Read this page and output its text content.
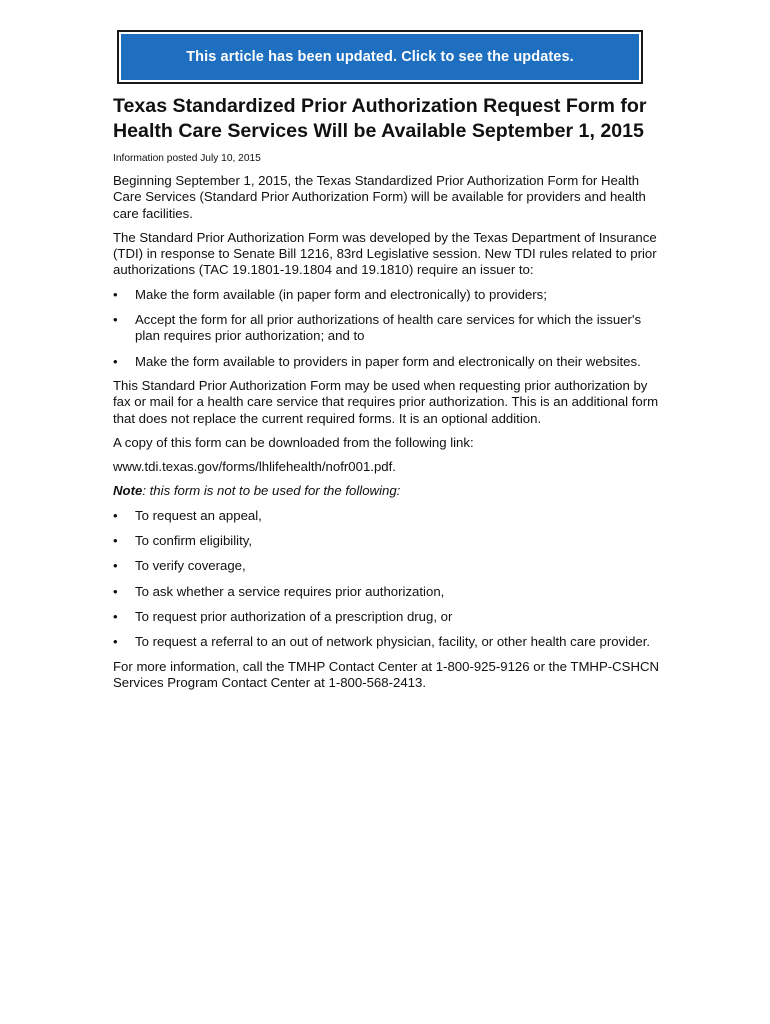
This article has been updated. Click to see the updates.
Texas Standardized Prior Authorization Request Form for Health Care Services Will be Available September 1, 2015
Information posted July 10, 2015

Beginning September 1, 2015, the Texas Standardized Prior Authorization Form for Health Care Services (Standard Prior Authorization Form) will be available for providers and health care facilities.

The Standard Prior Authorization Form was developed by the Texas Department of Insurance (TDI) in response to Senate Bill 1216, 83rd Legislative session. New TDI rules related to prior authorizations (TAC 19.1801-19.1804 and 19.1810) require an issuer to:

•	Make the form available (in paper form and electronically) to providers;
•	Accept the form for all prior authorizations of health care services for which the issuer's plan requires prior authorization; and to
•	Make the form available to providers in paper form and electronically on their websites.

This Standard Prior Authorization Form may be used when requesting prior authorization by fax or mail for a health care service that requires prior authorization. This is an additional form that does not replace the current required forms. It is an optional addition.

A copy of this form can be downloaded from the following link:

www.tdi.texas.gov/forms/lhlifehealth/nofr001.pdf.

Note: this form is not to be used for the following:

•	To request an appeal,
•	To confirm eligibility,
•	To verify coverage,
•	To ask whether a service requires prior authorization,
•	To request prior authorization of a prescription drug, or
•	To request a referral to an out of network physician, facility, or other health care provider.

For more information, call the TMHP Contact Center at 1-800-925-9126 or the TMHP-CSHCN Services Program Contact Center at 1-800-568-2413.
